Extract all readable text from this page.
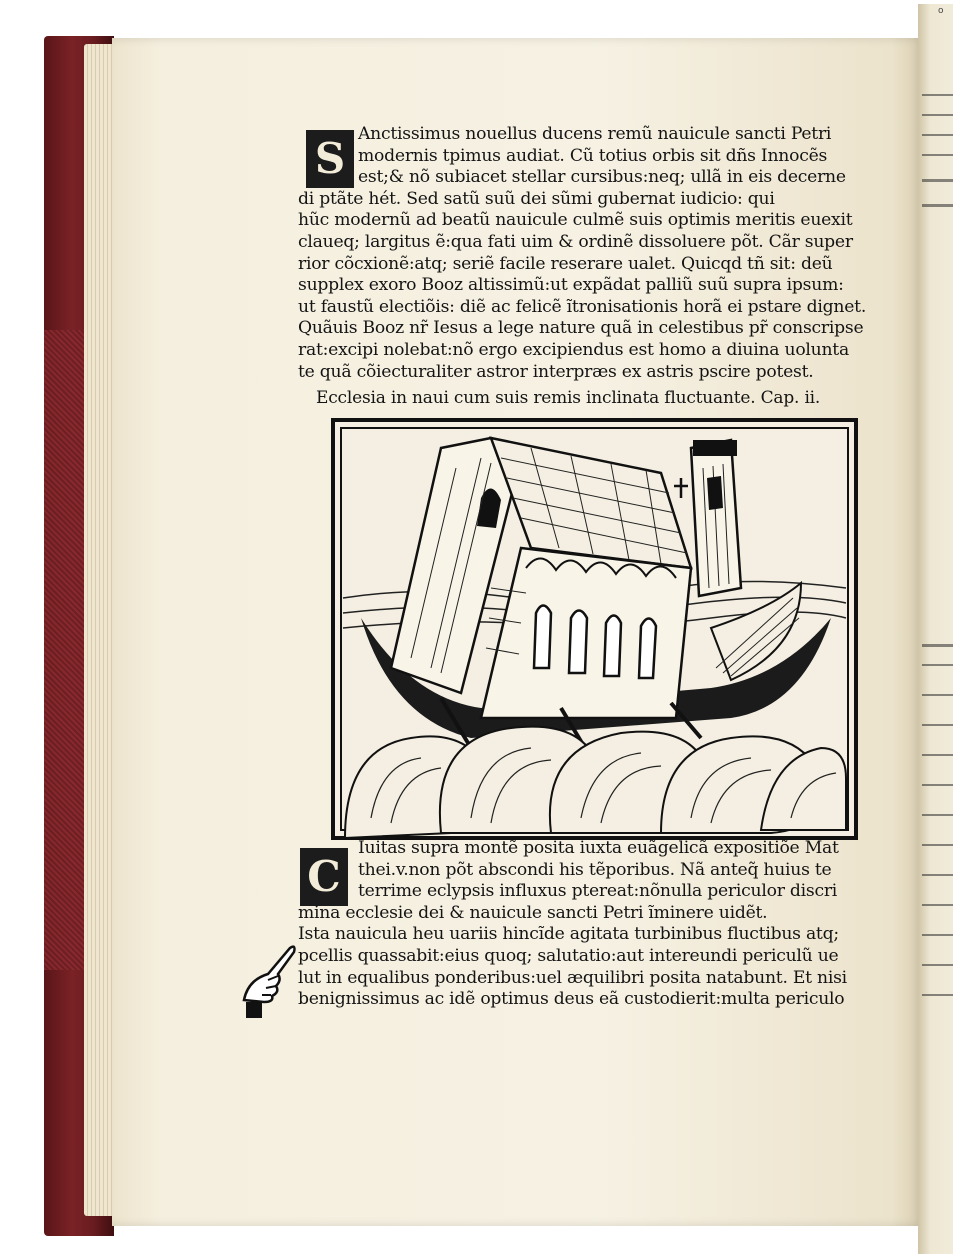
o
S Anctissimus nouellus ducens remũ nauicule sancti Petri
modernis tpimus audiat. Cũ totius orbis sit dñs Innocẽs
est;& nõ subiacet stellar cursibus:neq; ullã in eis decerne
di ptãte hét. Sed satũ suũ dei sũmi gubernat iudicio: qui
hũc modernũ ad beatũ nauicule culmẽ suis optimis meritis euexit
claueq; largitus ẽ:qua fati uim & ordinẽ dissoluere põt. Cãr super
rior cõcxionẽ:atq; seriẽ facile reserare ualet. Quicqd tñ sit: deũ
supplex exoro Booz altissimũ:ut expãdat palliũ suũ supra ipsum:
ut faustũ electiõis: diẽ ac felicẽ ĩtronisationis horã ei pstare dignet.
Quãuis Booz nr̃ Iesus a lege nature quã in celestibus pr̃ conscripse
rat:excipi nolebat:nõ ergo excipiendus est homo a diuina uolunta
te quã cõiecturaliter astror interpræs ex astris pscire potest.
Ecclesia in naui cum suis remis inclinata fluctuante. Cap. ii.
C
Iuitas supra montẽ posita iuxta euãgelicã expositiõe Mat
thei.v.non põt abscondi his tẽporibus. Nã anteq̃ huius te
terrime eclypsis influxus ptereat:nõnulla periculor discri
mina ecclesie dei & nauicule sancti Petri ĩminere uidẽt.
Ista nauicula heu uariis hincĩde agitata turbinibus fluctibus atq;
pcellis quassabit:eius quoq; salutatio:aut intereundi periculũ ue
lut in equalibus ponderibus:uel æquilibri posita natabunt. Et nisi
benignissimus ac idẽ optimus deus eã custodierit:multa periculo
